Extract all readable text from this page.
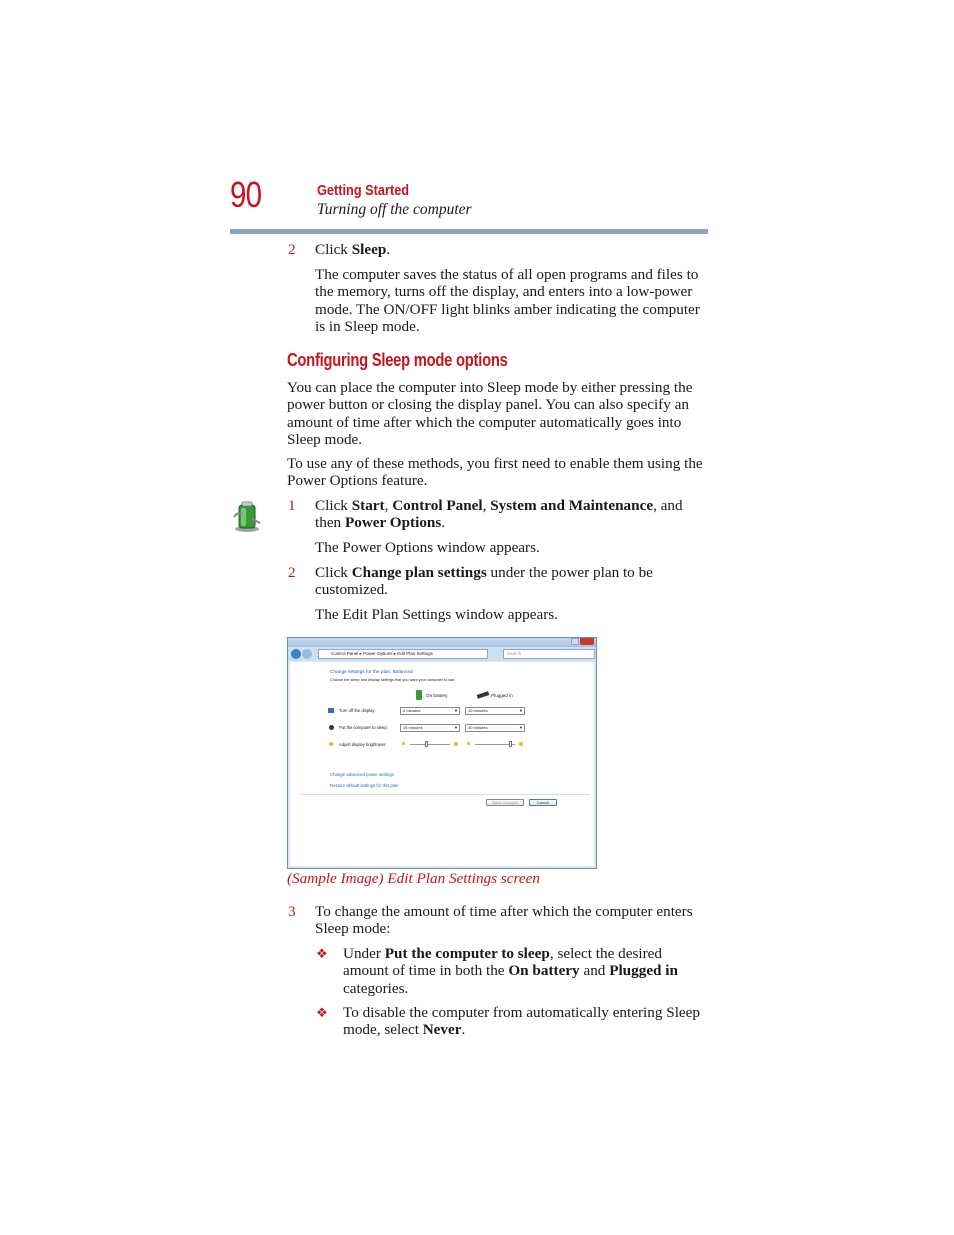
90	Getting Started
Turning off the computer
2 Click Sleep.
The computer saves the status of all open programs and files to
the memory, turns off the display, and enters into a low-power
mode. The ON/OFF light blinks amber indicating the computer
is in Sleep mode.
Configuring Sleep mode options
You can place the computer into Sleep mode by either pressing the
power button or closing the display panel. You can also specify an
amount of time after which the computer automatically goes into
Sleep mode.
To use any of these methods, you first need to enable them using the
Power Options feature.
1 Click Start, Control Panel, System and Maintenance, and
then Power Options.
The Power Options window appears.
2 Click Change plan settings under the power plan to be
customized.
The Edit Plan Settings window appears.
Control Panel ▸ Power Options ▸ Edit Plan Settings	Search
Change settings for the plan: Balanced
Choose the sleep and display settings that you want your computer to use.
On battery	Plugged in
Turn off the display:	5 minutes	▼	10 minutes	▼
Put the computer to sleep:	15 minutes	▼	30 minutes	▼
Adjust display brightness:
Change advanced power settings
Restore default settings for this plan
Save changes	Cancel
(Sample Image) Edit Plan Settings screen
3 To change the amount of time after which the computer enters
Sleep mode:
❖ Under Put the computer to sleep, select the desired
amount of time in both the On battery and Plugged in
categories.
❖ To disable the computer from automatically entering Sleep
mode, select Never.
